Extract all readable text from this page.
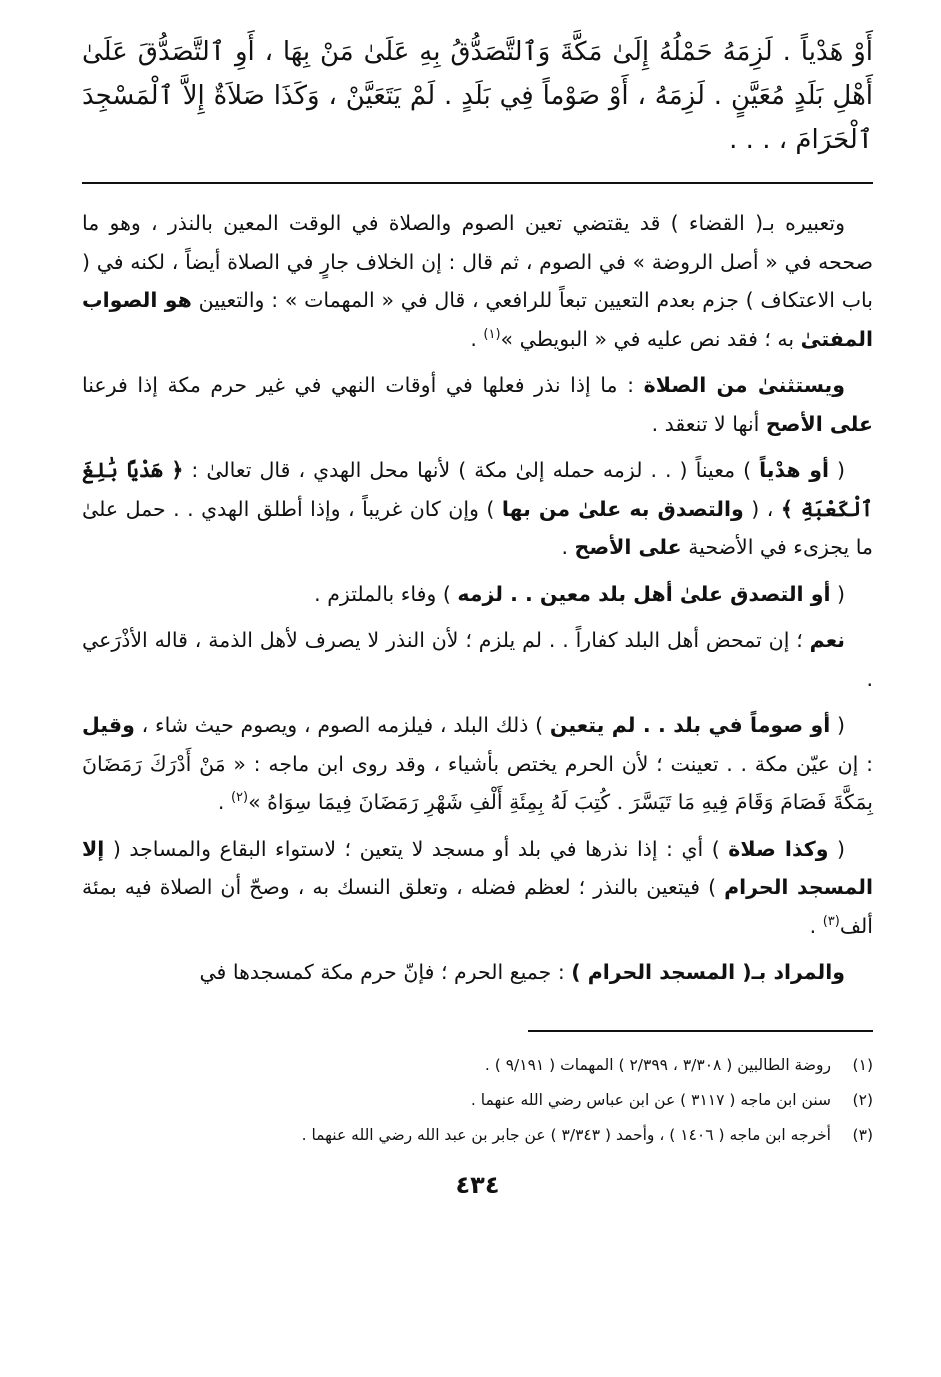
أَوْ هَدْياً . لَزِمَهُ حَمْلُهُ إِلَىٰ مَكَّةَ وَٱلتَّصَدُّقُ بِهِ عَلَىٰ مَنْ بِهَا ، أَوِ ٱلتَّصَدُّقَ عَلَىٰ أَهْلِ بَلَدٍ مُعَيَّنٍ . لَزِمَهُ ، أَوْ صَوْماً فِي بَلَدٍ . لَمْ يَتَعَيَّنْ ، وَكَذَا صَلاَةٌ إِلاَّ ٱلْمَسْجِدَ ٱلْحَرَامَ ، . . .

وتعبيره بـ( القضاء ) قد يقتضي تعين الصوم والصلاة في الوقت المعين بالنذر ، وهو ما صححه في « أصل الروضة » في الصوم ، ثم قال : إن الخلاف جارٍ في الصلاة أيضاً ، لكنه في ( باب الاعتكاف ) جزم بعدم التعيين تبعاً للرافعي ، قال في « المهمات » : والتعيين هو الصواب المفتىٰ به ؛ فقد نص عليه في « البويطي »$^{(١)}$ .

ويستثنىٰ من الصلاة : ما إذا نذر فعلها في أوقات النهي في غير حرم مكة إذا فرعنا على الأصح أنها لا تنعقد .

( أو هدْياً ) معيناً ( . . لزمه حمله إلىٰ مكة ) لأنها محل الهدي ، قال تعالىٰ : ﴿ هَدْيًا بَٰلِغَ ٱلْكَعْبَةِ ﴾ ، ( والتصدق به علىٰ من بها ) وإن كان غريباً ، وإذا أطلق الهدي . . حمل علىٰ ما يجزىء في الأضحية على الأصح .

( أو التصدق علىٰ أهل بلد معين . . لزمه ) وفاء بالملتزم .

نعم ؛ إن تمحض أهل البلد كفاراً . . لم يلزم ؛ لأن النذر لا يصرف لأهل الذمة ، قاله الأذْرَعي .

( أو صوماً في بلد . . لم يتعين ) ذلك البلد ، فيلزمه الصوم ، ويصوم حيث شاء ، وقيل : إن عيّن مكة . . تعينت ؛ لأن الحرم يختص بأشياء ، وقد روى ابن ماجه : « مَنْ أَدْرَكَ رَمَضَانَ بِمَكَّةَ فَصَامَ وَقَامَ فِيهِ مَا تَيَسَّرَ . كُتِبَ لَهُ بِمِئَةِ أَلْفِ شَهْرِ رَمَضَانَ فِيمَا سِوَاهُ »$^{(٢)}$ .

( وكذا صلاة ) أي : إذا نذرها في بلد أو مسجد لا يتعين ؛ لاستواء البقاع والمساجد ( إلا المسجد الحرام ) فيتعين بالنذر ؛ لعظم فضله ، وتعلق النسك به ، وصحّ أن الصلاة فيه بمئة ألف$^{(٣)}$ .

والمراد بـ( المسجد الحرام ) : جميع الحرم ؛ فإنّ حرم مكة كمسجدها في

(١)
روضة الطالبين ( ٣/٣٠٨ ، ٢/٣٩٩ ) المهمات ( ٩/١٩١ ) .
(٢)
سنن ابن ماجه ( ٣١١٧ ) عن ابن عباس رضي الله عنهما .
(٣)
أخرجه ابن ماجه ( ١٤٠٦ ) ، وأحمد ( ٣/٣٤٣ ) عن جابر بن عبد الله رضي الله عنهما .
٤٣٤
